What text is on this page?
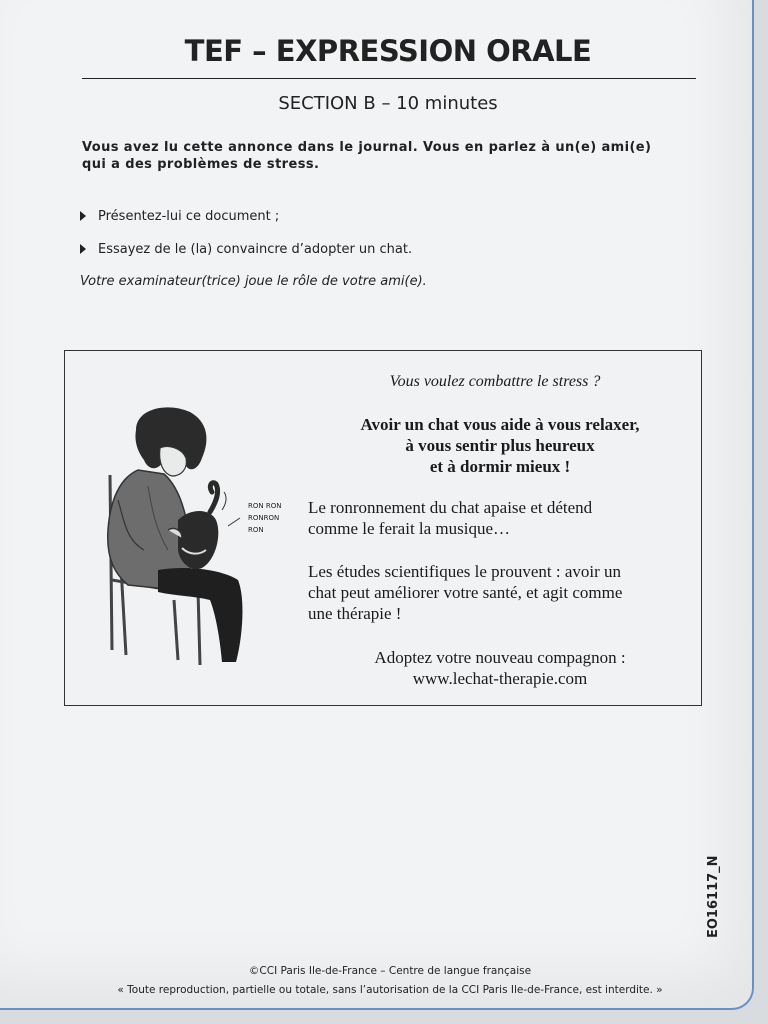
TEF – EXPRESSION ORALE
SECTION B – 10 minutes
Vous avez lu cette annonce dans le journal. Vous en parlez à un(e) ami(e)
qui a des problèmes de stress.
Présentez-lui ce document ;
Essayez de le (la) convaincre d’adopter un chat.
Votre examinateur(trice) joue le rôle de votre ami(e).
RON RON
RONRON
RON
Vous voulez combattre le stress ?
Avoir un chat vous aide à vous relaxer,
à vous sentir plus heureux
et à dormir mieux !
Le ronronnement du chat apaise et détend
comme le ferait la musique…
Les études scientifiques le prouvent : avoir un
chat peut améliorer votre santé, et agit comme
une thérapie !
Adoptez votre nouveau compagnon :
www.lechat-therapie.com
EO16117_N
©CCI Paris Ile-de-France – Centre de langue française
« Toute reproduction, partielle ou totale, sans l’autorisation de la CCI Paris Ile-de-France, est interdite. »
